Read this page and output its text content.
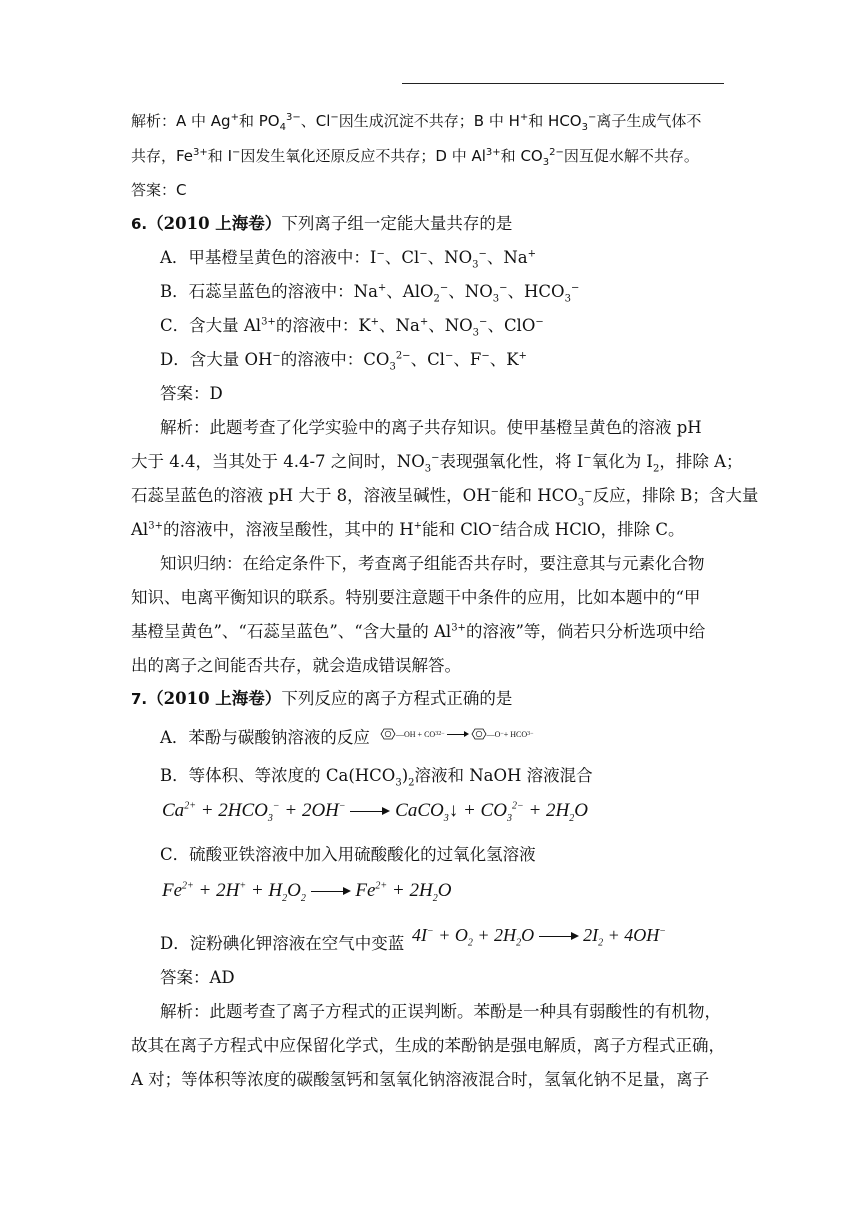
解析：A 中 Ag+和 $PO_4^{3-}$、Cl−因生成沉淀不共存；B 中 H+和 $HCO_3^-$离子生成气体不
共存，$Fe^{3+}$和 I−因发生氧化还原反应不共存；D 中 $Al^{3+}$和 $CO_3^{2-}$因互促水解不共存。
答案：C
6.（2010 上海卷）下列离子组一定能大量共存的是
A．甲基橙呈黄色的溶液中：I−、Cl−、$NO_3^-$、Na+
B．石蕊呈蓝色的溶液中：Na+、AlO$_2$−、$NO_3^-$、$HCO_3^-$
C．含大量 $Al^{3+}$的溶液中：K+、Na+、$NO_3^-$、ClO−
D．含大量 OH−的溶液中：$CO_3^{2-}$、Cl−、F−、K+
答案：D
解析：此题考查了化学实验中的离子共存知识。使甲基橙呈黄色的溶液 pH
大于 4.4，当其处于 4.4-7 之间时，$NO_3^-$表现强氧化性，将 I−氧化为 $I_2$，排除 A；
石蕊呈蓝色的溶液 pH 大于 8，溶液呈碱性，OH−能和 $HCO_3^-$反应，排除 B；含大量
$Al^{3+}$的溶液中，溶液呈酸性，其中的 H+能和 ClO−结合成 HClO，排除 C。
知识归纳：在给定条件下，考查离子组能否共存时，要注意其与元素化合物
知识、电离平衡知识的联系。特别要注意题干中条件的应用，比如本题中的“甲
基橙呈黄色”、“石蕊呈蓝色”、“含大量的 $Al^{3+}$的溶液”等，倘若只分析选项中给
出的离子之间能否共存，就会造成错误解答。
7.（2010 上海卷）下列反应的离子方程式正确的是
A．苯酚与碳酸钠溶液的反应	— OH + CO 3 2−	— O − + HCO 3 −
B．等体积、等浓度的 $Ca(HCO_3)_2$溶液和 NaOH 溶液混合
$Ca^{2+} + 2HCO_3^- + 2OH^-$	CaCO$_3$↓ + $CO_3^{2-} + 2H_2O$
C．硫酸亚铁溶液中加入用硫酸酸化的过氧化氢溶液
$Fe^{2+} + 2H^+ + H_2O_2$	$Fe^{2+} + 2H_2O$
D．淀粉碘化钾溶液在空气中变蓝 $4I^- + O_2 + 2H_2O$	$2I_2 + 4OH^-$
答案：AD
解析：此题考查了离子方程式的正误判断。苯酚是一种具有弱酸性的有机物，
故其在离子方程式中应保留化学式，生成的苯酚钠是强电解质，离子方程式正确，
A 对；等体积等浓度的碳酸氢钙和氢氧化钠溶液混合时，氢氧化钠不足量，离子
